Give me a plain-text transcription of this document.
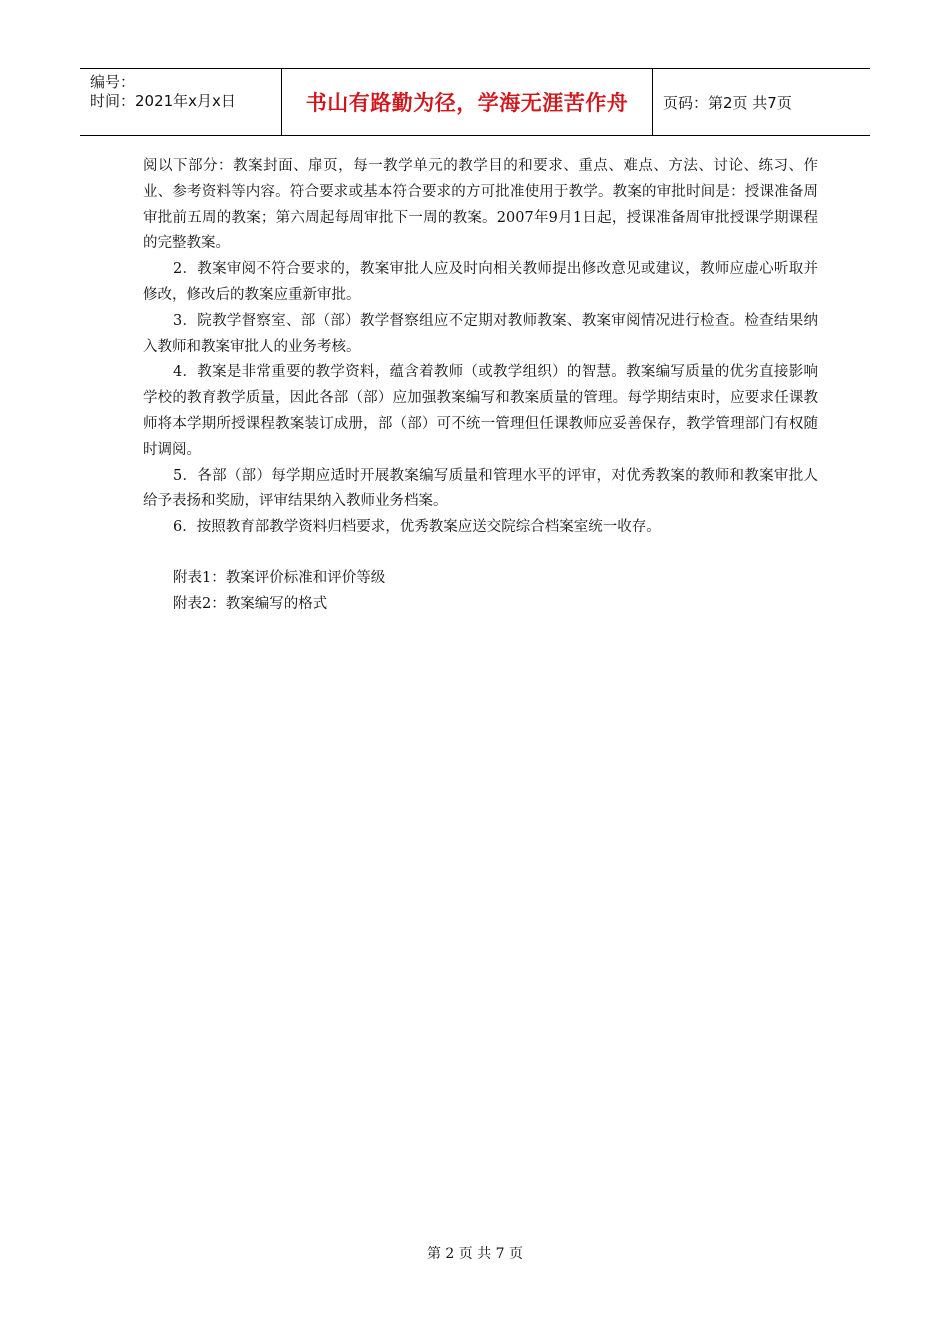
编号：
时间：2021年x月x日	书山有路勤为径，学海无涯苦作舟	页码：第2页 共7页

阅以下部分：教案封面、扉页，每一教学单元的教学目的和要求、重点、难点、方法、讨论、练习、作业、参考资料等内容。符合要求或基本符合要求的方可批准使用于教学。教案的审批时间是：授课准备周审批前五周的教案；第六周起每周审批下一周的教案。2007年9月1日起，授课准备周审批授课学期课程的完整教案。

2．教案审阅不符合要求的，教案审批人应及时向相关教师提出修改意见或建议，教师应虚心听取并修改，修改后的教案应重新审批。

3．院教学督察室、部（部）教学督察组应不定期对教师教案、教案审阅情况进行检查。检查结果纳入教师和教案审批人的业务考核。

4．教案是非常重要的教学资料，蕴含着教师（或教学组织）的智慧。教案编写质量的优劣直接影响学校的教育教学质量，因此各部（部）应加强教案编写和教案质量的管理。每学期结束时，应要求任课教师将本学期所授课程教案装订成册，部（部）可不统一管理但任课教师应妥善保存，教学管理部门有权随时调阅。

5．各部（部）每学期应适时开展教案编写质量和管理水平的评审，对优秀教案的教师和教案审批人给予表扬和奖励，评审结果纳入教师业务档案。

6．按照教育部教学资料归档要求，优秀教案应送交院综合档案室统一收存。

附表1：教案评价标准和评价等级

附表2：教案编写的格式

第 2 页 共 7 页
